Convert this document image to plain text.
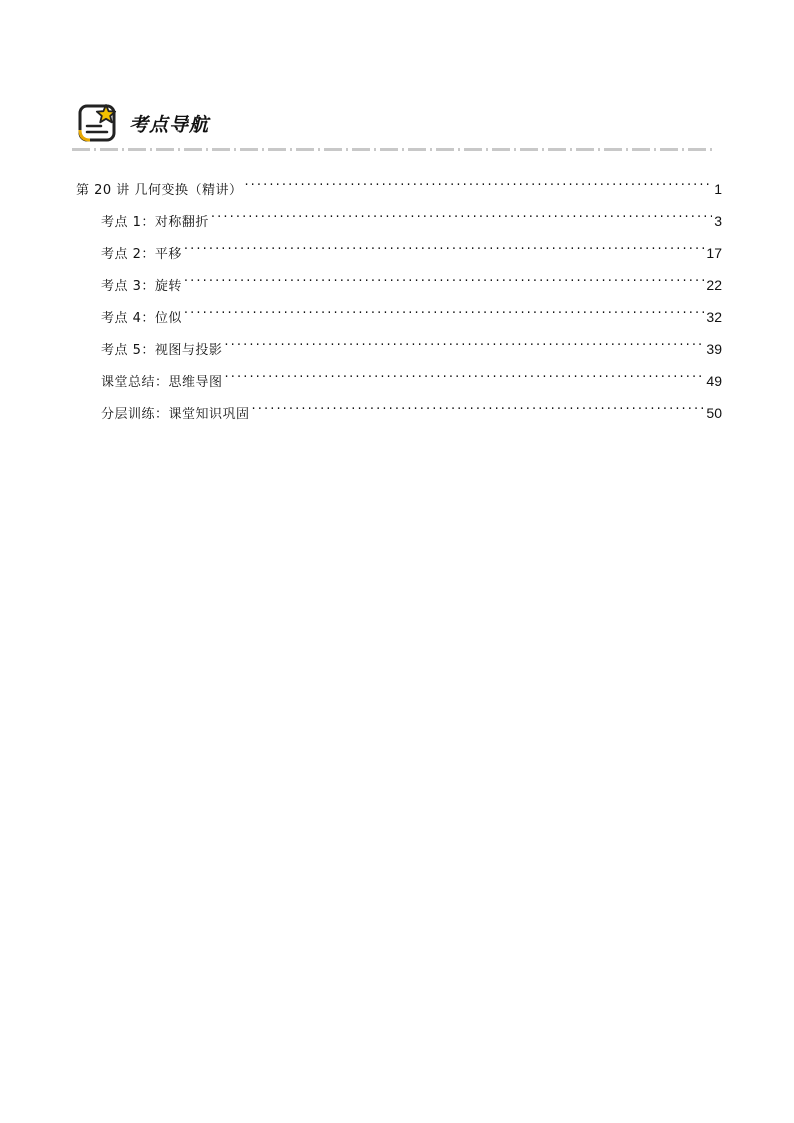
考点导航
第 20 讲 几何变换（精讲） .....	1
考点 1：对称翻折 .....	3
考点 2：平移 .....	17
考点 3：旋转 .....	22
考点 4：位似 .....	32
考点 5：视图与投影 .....	39
课堂总结：思维导图 .....	49
分层训练：课堂知识巩固 .....	50
